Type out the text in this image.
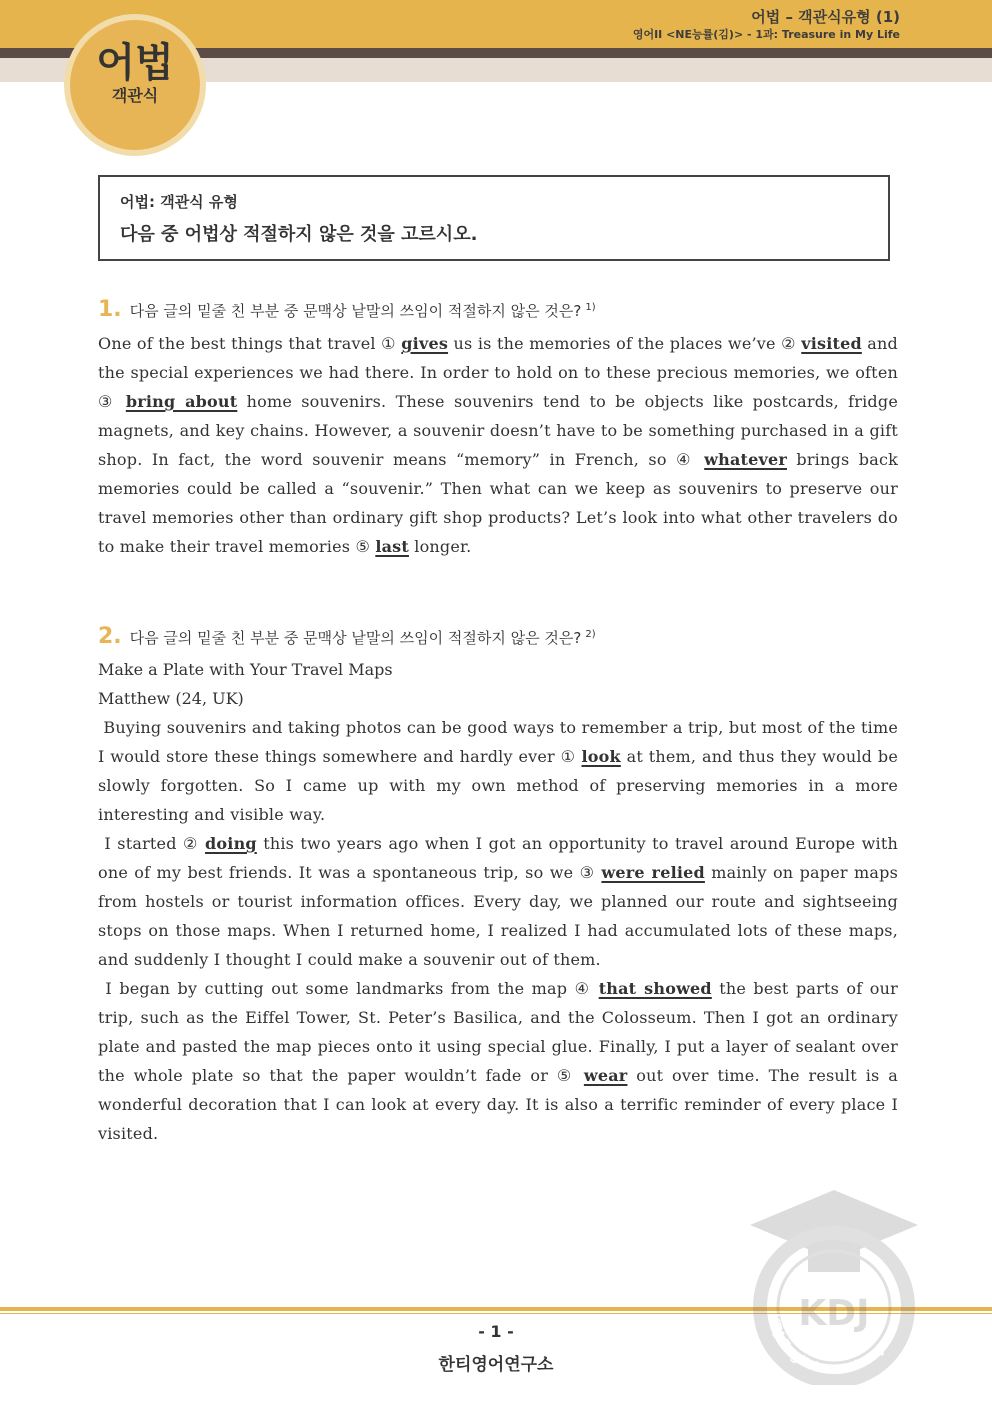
어법 – 객관식유형 (1)
영어II <NE능률(김)> - 1과: Treasure in My Life
어법
객관식
어법: 객관식 유형
다음 중 어법상 적절하지 않은 것을 고르시오.
1. 다음 글의 밑줄 친 부분 중 문맥상 낱말의 쓰임이 적절하지 않은 것은? $^{1)}$
One of the best things that travel ① gives us is the memories of the places we’ve ② visited and the special experiences we had there. In order to hold on to these precious memories, we often ③ bring about home souvenirs. These souvenirs tend to be objects like postcards, fridge magnets, and key chains. However, a souvenir doesn’t have to be something purchased in a gift shop. In fact, the word souvenir means “memory” in French, so ④ whatever brings back memories could be called a “souvenir.” Then what can we keep as souvenirs to preserve our travel memories other than ordinary gift shop products? Let’s look into what other travelers do to make their travel memories ⑤ last longer.
2. 다음 글의 밑줄 친 부분 중 문맥상 낱말의 쓰임이 적절하지 않은 것은? $^{2)}$
Make a Plate with Your Travel Maps
Matthew (24, UK)
Buying souvenirs and taking photos can be good ways to remember a trip, but most of the time I would store these things somewhere and hardly ever ① look at them, and thus they would be slowly forgotten. So I came up with my own method of preserving memories in a more interesting and visible way.
I started ② doing this two years ago when I got an opportunity to travel around Europe with one of my best friends. It was a spontaneous trip, so we ③ were relied mainly on paper maps from hostels or tourist information offices. Every day, we planned our route and sightseeing stops on those maps. When I returned home, I realized I had accumulated lots of these maps, and suddenly I thought I could make a souvenir out of them.
I began by cutting out some landmarks from the map ④ that showed the best parts of our trip, such as the Eiffel Tower, St. Peter’s Basilica, and the Colosseum. Then I got an ordinary plate and pasted the map pieces onto it using special glue. Finally, I put a layer of sealant over the whole plate so that the paper wouldn’t fade or ⑤ wear out over time. The result is a wonderful decoration that I can look at every day. It is also a terrific reminder of every place I visited.
- 1 -
한티영어연구소
KDJ
KDJ English Academy
